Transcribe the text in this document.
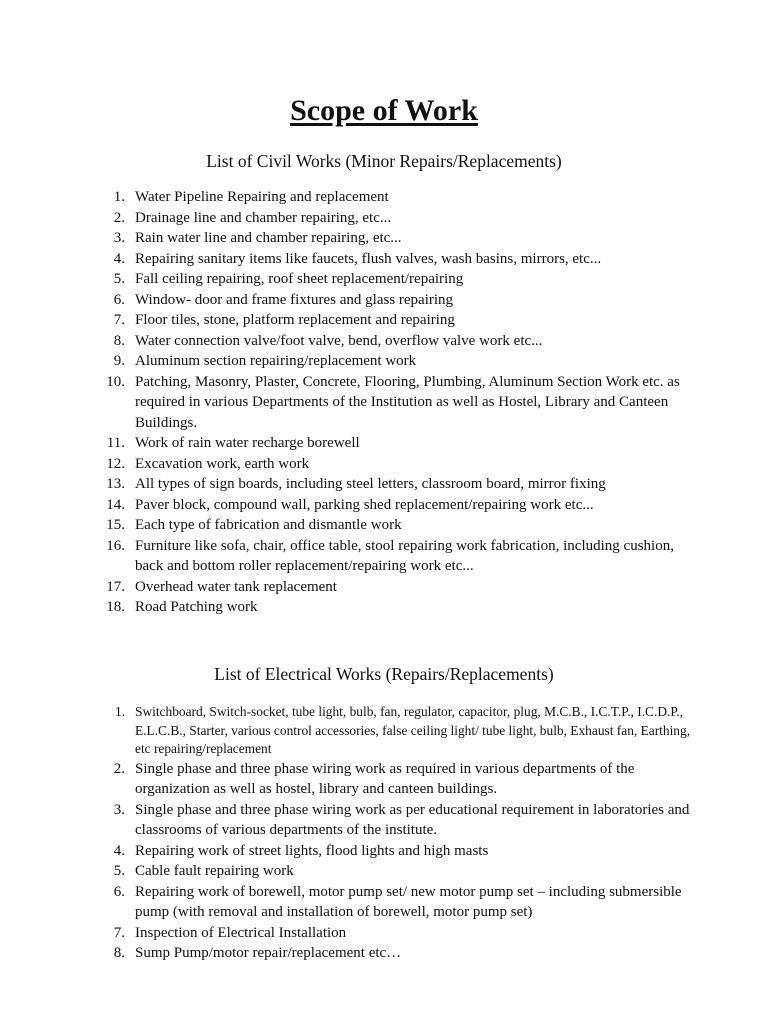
Scope of Work
List of Civil Works (Minor Repairs/Replacements)
1. Water Pipeline Repairing and replacement
2. Drainage line and chamber repairing, etc...
3. Rain water line and chamber repairing, etc...
4. Repairing sanitary items like faucets, flush valves, wash basins, mirrors, etc...
5. Fall ceiling repairing, roof sheet replacement/repairing
6. Window- door and frame fixtures and glass repairing
7. Floor tiles, stone, platform replacement and repairing
8. Water connection valve/foot valve, bend, overflow valve work etc...
9. Aluminum section repairing/replacement work
10. Patching, Masonry, Plaster, Concrete, Flooring, Plumbing, Aluminum Section Work etc. as required in various Departments of the Institution as well as Hostel, Library and Canteen Buildings.
11. Work of rain water recharge borewell
12. Excavation work, earth work
13. All types of sign boards, including steel letters, classroom board, mirror fixing
14. Paver block, compound wall, parking shed replacement/repairing work etc...
15. Each type of fabrication and dismantle work
16. Furniture like sofa, chair, office table, stool repairing work fabrication, including cushion, back and bottom roller replacement/repairing work etc...
17. Overhead water tank replacement
18. Road Patching work
List of Electrical Works (Repairs/Replacements)
1. Switchboard, Switch-socket, tube light, bulb, fan, regulator, capacitor, plug, M.C.B., I.C.T.P., I.C.D.P., E.L.C.B., Starter, various control accessories, false ceiling light/ tube light, bulb, Exhaust fan, Earthing, etc repairing/replacement
2. Single phase and three phase wiring work as required in various departments of the organization as well as hostel, library and canteen buildings.
3. Single phase and three phase wiring work as per educational requirement in laboratories and classrooms of various departments of the institute.
4. Repairing work of street lights, flood lights and high masts
5. Cable fault repairing work
6. Repairing work of borewell, motor pump set/ new motor pump set – including submersible pump (with removal and installation of borewell, motor pump set)
7. Inspection of Electrical Installation
8. Sump Pump/motor repair/replacement etc…
